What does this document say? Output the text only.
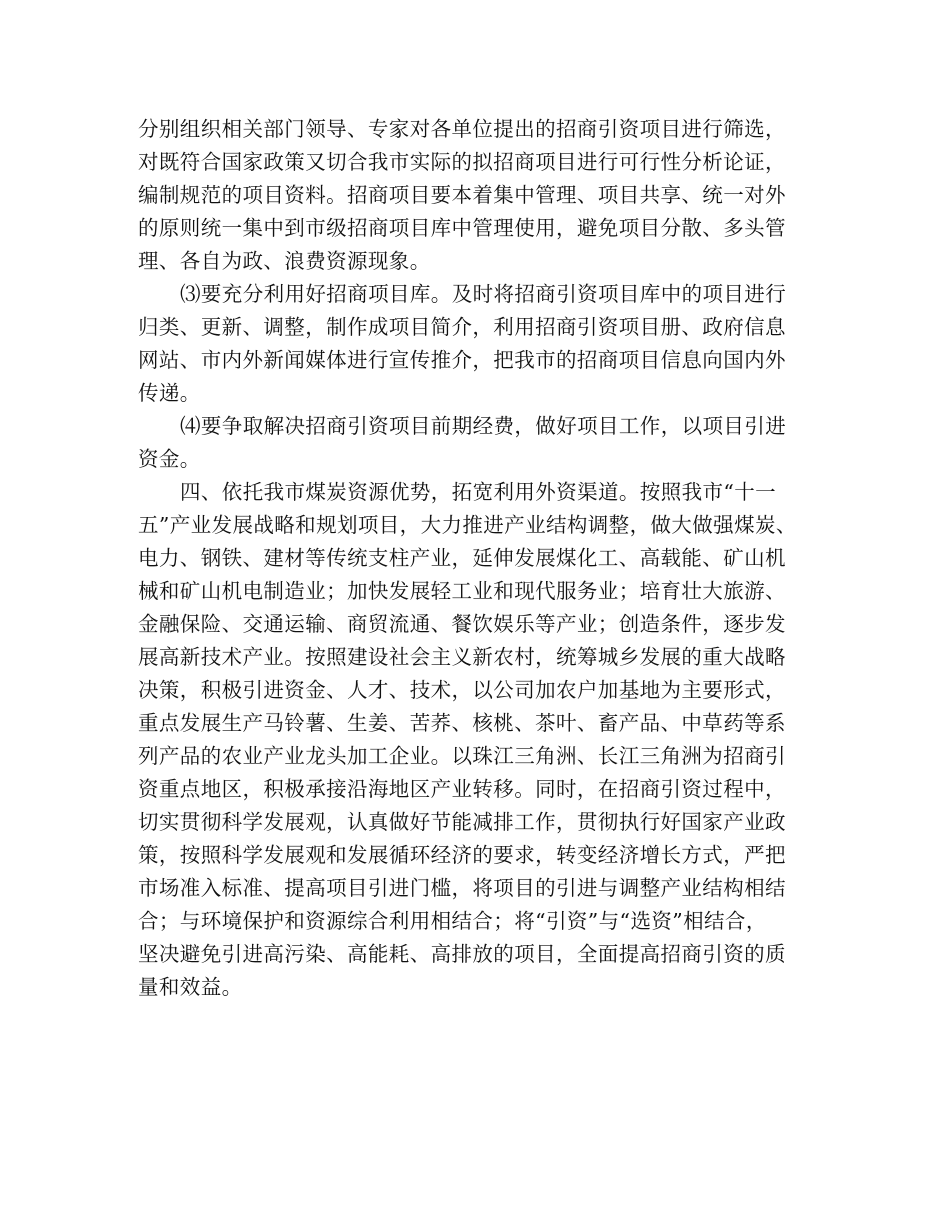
分别组织相关部门领导、专家对各单位提出的招商引资项目进行筛选，
对既符合国家政策又切合我市实际的拟招商项目进行可行性分析论证，
编制规范的项目资料。招商项目要本着集中管理、项目共享、统一对外
的原则统一集中到市级招商项目库中管理使用，避免项目分散、多头管
理、各自为政、浪费资源现象。
⑶要充分利用好招商项目库。及时将招商引资项目库中的项目进行
归类、更新、调整，制作成项目简介，利用招商引资项目册、政府信息
网站、市内外新闻媒体进行宣传推介，把我市的招商项目信息向国内外
传递。
⑷要争取解决招商引资项目前期经费，做好项目工作，以项目引进
资金。
四、依托我市煤炭资源优势，拓宽利用外资渠道。按照我市“十一
五”产业发展战略和规划项目，大力推进产业结构调整，做大做强煤炭、
电力、钢铁、建材等传统支柱产业，延伸发展煤化工、高载能、矿山机
械和矿山机电制造业；加快发展轻工业和现代服务业；培育壮大旅游、
金融保险、交通运输、商贸流通、餐饮娱乐等产业；创造条件，逐步发
展高新技术产业。按照建设社会主义新农村，统筹城乡发展的重大战略
决策，积极引进资金、人才、技术，以公司加农户加基地为主要形式，
重点发展生产马铃薯、生姜、苦荞、核桃、茶叶、畜产品、中草药等系
列产品的农业产业龙头加工企业。以珠江三角洲、长江三角洲为招商引
资重点地区，积极承接沿海地区产业转移。同时，在招商引资过程中，
切实贯彻科学发展观，认真做好节能减排工作，贯彻执行好国家产业政
策，按照科学发展观和发展循环经济的要求，转变经济增长方式，严把
市场准入标准、提高项目引进门槛，将项目的引进与调整产业结构相结
合；与环境保护和资源综合利用相结合；将“引资”与“选资”相结合，
坚决避免引进高污染、高能耗、高排放的项目，全面提高招商引资的质
量和效益。
